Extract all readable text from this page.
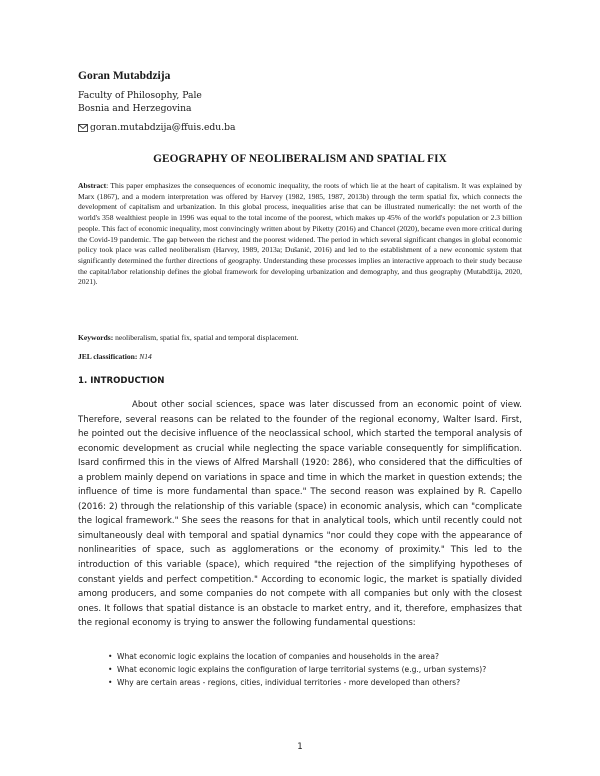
Goran Mutabdzija

Faculty of Philosophy, Pale

Bosnia and Herzegovina

goran.mutabdzija@ffuis.edu.ba
GEOGRAPHY OF NEOLIBERALISM AND SPATIAL FIX

Abstract: This paper emphasizes the consequences of economic inequality, the roots of which lie at the heart of capitalism. It was explained by Marx (1867), and a modern interpretation was offered by Harvey (1982, 1985, 1987, 2013b) through the term spatial fix, which connects the development of capitalism and urbanization. In this global process, inequalities arise that can be illustrated numerically: the net worth of the world's 358 wealthiest people in 1996 was equal to the total income of the poorest, which makes up 45% of the world's population or 2.3 billion people. This fact of economic inequality, most convincingly written about by Piketty (2016) and Chancel (2020), became even more critical during the Covid-19 pandemic. The gap between the richest and the poorest widened. The period in which several significant changes in global economic policy took place was called neoliberalism (Harvey, 1989, 2013a; Dušanić, 2016) and led to the establishment of a new economic system that significantly determined the further directions of geography. Understanding these processes implies an interactive approach to their study because the capital/labor relationship defines the global framework for developing urbanization and demography, and thus geography (Mutabdžija, 2020, 2021).

Keywords: neoliberalism, spatial fix, spatial and temporal displacement.

JEL classification: N14

1. INTRODUCTION

About other social sciences, space was later discussed from an economic point of view. Therefore, several reasons can be related to the founder of the regional economy, Walter Isard. First, he pointed out the decisive influence of the neoclassical school, which started the temporal analysis of economic development as crucial while neglecting the space variable consequently for simplification. Isard confirmed this in the views of Alfred Marshall (1920: 286), who considered that the difficulties of a problem mainly depend on variations in space and time in which the market in question extends; the influence of time is more fundamental than space." The second reason was explained by R. Capello (2016: 2) through the relationship of this variable (space) in economic analysis, which can "complicate the logical framework." She sees the reasons for that in analytical tools, which until recently could not simultaneously deal with temporal and spatial dynamics "nor could they cope with the appearance of nonlinearities of space, such as agglomerations or the economy of proximity." This led to the introduction of this variable (space), which required "the rejection of the simplifying hypotheses of constant yields and perfect competition." According to economic logic, the market is spatially divided among producers, and some companies do not compete with all companies but only with the closest ones. It follows that spatial distance is an obstacle to market entry, and it, therefore, emphasizes that the regional economy is trying to answer the following fundamental questions:

• What economic logic explains the location of companies and households in the area?
• What economic logic explains the configuration of large territorial systems (e.g., urban systems)?
• Why are certain areas - regions, cities, individual territories - more developed than others?

1
